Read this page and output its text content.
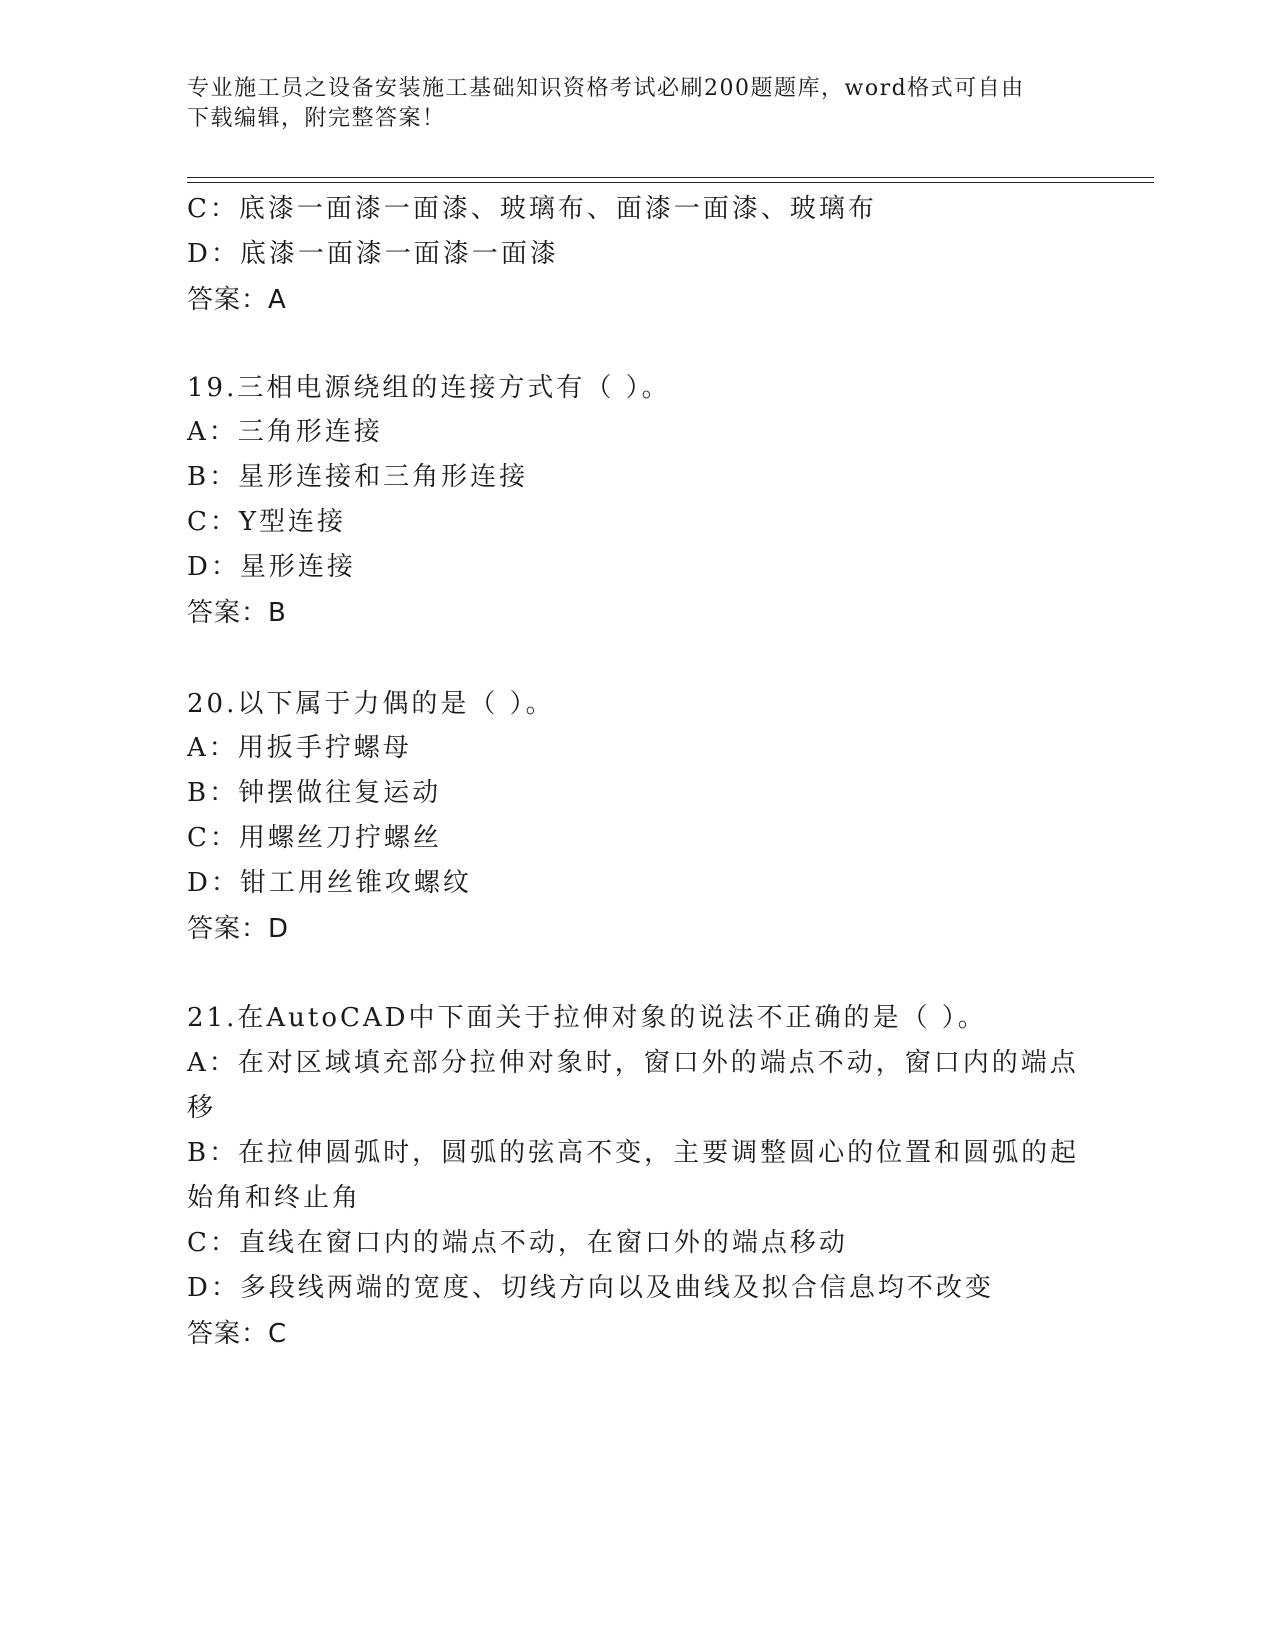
专业施工员之设备安装施工基础知识资格考试必刷200题题库，word格式可自由
下载编辑，附完整答案！
C：底漆一面漆一面漆、玻璃布、面漆一面漆、玻璃布
D：底漆一面漆一面漆一面漆
答案：A
19.三相电源绕组的连接方式有（ ）。
A：三角形连接
B：星形连接和三角形连接
C：Y型连接
D：星形连接
答案：B
20.以下属于力偶的是（ ）。
A：用扳手拧螺母
B：钟摆做往复运动
C：用螺丝刀拧螺丝
D：钳工用丝锥攻螺纹
答案：D
21.在AutoCAD中下面关于拉伸对象的说法不正确的是（ ）。
A：在对区域填充部分拉伸对象时，窗口外的端点不动，窗口内的端点
移
B：在拉伸圆弧时，圆弧的弦高不变，主要调整圆心的位置和圆弧的起
始角和终止角
C：直线在窗口内的端点不动，在窗口外的端点移动
D：多段线两端的宽度、切线方向以及曲线及拟合信息均不改变
答案：C
